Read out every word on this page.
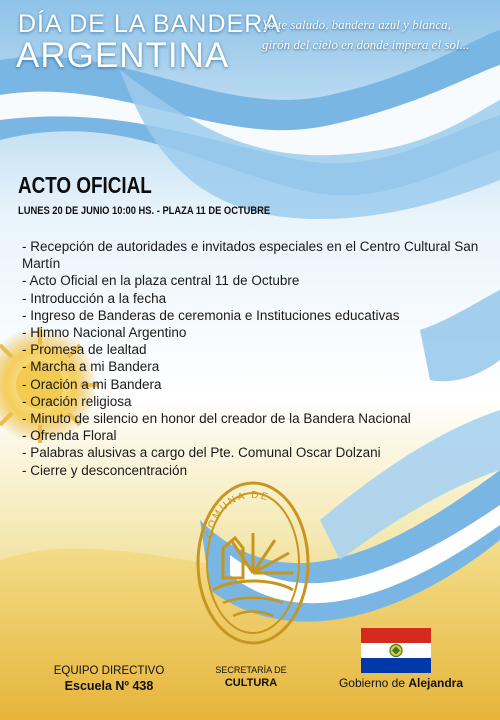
DÍA DE LA BANDERA
ARGENTINA
Yo te saludo, bandera azul y blanca,
girón del cielo en donde impera el sol...
ACTO OFICIAL
LUNES 20 DE JUNIO 10:00 HS. - PLAZA 11 DE OCTUBRE
- Recepción de autoridades e invitados especiales en el Centro Cultural San Martín
- Acto Oficial en la plaza central 11 de Octubre
- Introducción a la fecha
- Ingreso de Banderas de ceremonia e Instituciones educativas
- Himno Nacional Argentino
- Promesa de lealtad
- Marcha a mi Bandera
- Oración a mi Bandera
- Oración religiosa
- Minuto de silencio en honor del creador de la Bandera Nacional
- Ofrenda Floral
- Palabras alusivas a cargo del Pte. Comunal Oscar Dolzani
- Cierre y desconcentración
COMUNA DE
EQUIPO DIRECTIVO
Escuela Nº 438
SECRETARÍA DE
CULTURA	Gobierno de Alejandra
